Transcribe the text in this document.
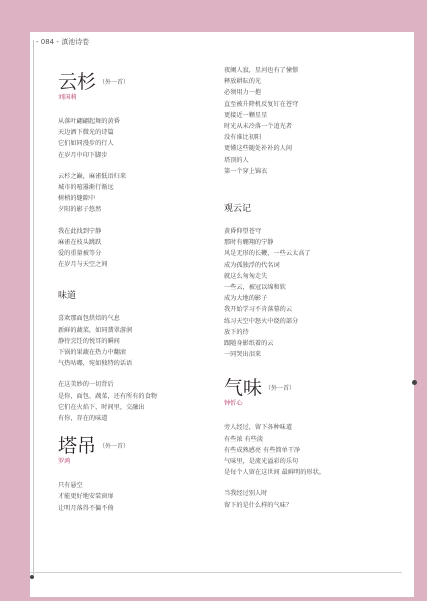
- 084 - 滇池诗卷
云杉 （外一首）
刘国莉

从落叶翩翩起舞的黄昏

天边洒下微光的诗篇

它们如同漫步的行人

在岁月中印下脚步

云杉之巅，麻雀低语归来

城市的喧嚣渐行渐远

树梢的缝隙中

夕阳的影子悠然

我在此找到宁静

麻雀在枝头跳跃

爱的重量被等分

在岁月与天空之间

味道

喜欢那面包烘焙的气息

新鲜的蔬菜，如同翡翠游润

静待烹饪的悦耳的瞬间

下锅的果蔬在热力中翻滚

气热咕嘟，宛如独特的话语

在这美妙的一切背后

是你，面包、蔬菜，还有所有的食物

它们在火焰下，时间里，交融出

有你，存在的味道

塔吊 （外一首）
罗鸿

只有悬空

才能更好地安装窗扉

让明月落得不偏不倚

夜阑人寂，星河也有了憧憬

释放耕耘的光

必须用力一抱

直至被升降机反复钉在苍穹

更接近一颗星星

时光从未冷落一个追光者

没有谁比初阳

更懂这些随处补补的人间

塔顶的人

第一个穿上锦衣

观云记

黄昏仰望苍穹

那时有翱翔的宁静

风是无形的长鞭，一些云太高了

成为孤独浮的代名词

就这么匆匆走失

一些云，被冠以绵和软

成为大地的影子

我开始学习不肯落幕的云

练习天空中怒火中烧的部分

放下的待

跟随身影纸着的云

一同哭出泪来

气味 （外一首）
钟忻心

旁人经过，留下各种味道

有些浓 有些淡

有些成熟感亮 有些简单干净

气味里，是流光溢彩的乐句

是每个人留在这世间 最鲜明的形状。

当我经过别人时

留下的是什么样的气味？
